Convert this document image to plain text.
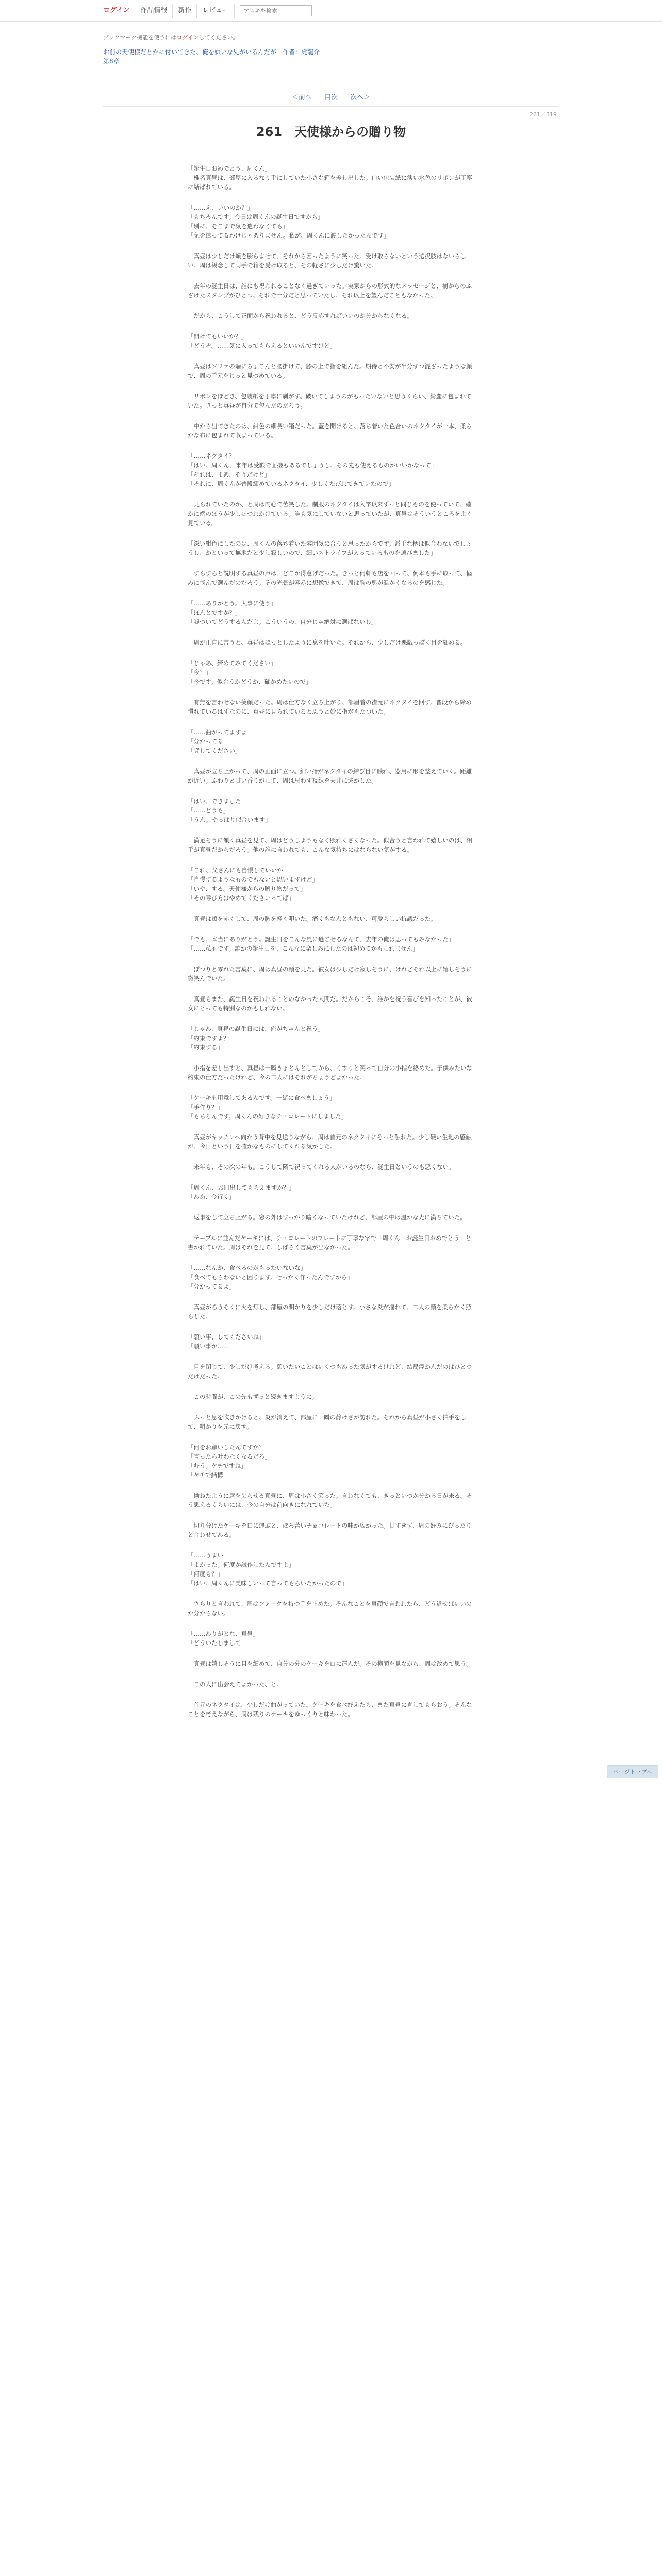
ログイン	作品情報	新作	レビュー
アニキを検索
ブックマーク機能を使うにはログインしてください。
お前の天使様だとかに付いてきた、俺を嫌いな兄がいるんだが　作者：虎龍介
第8章
＜前へ 目次 次へ＞
261／319
261　天使様からの贈り物

「誕生日おめでとう、周くん」
　椎名真昼は、部屋に入るなり手にしていた小さな箱を差し出した。白い包装紙に淡い水色のリボンが丁寧に結ばれている。

「……え、いいのか？」
「もちろんです。今日は周くんの誕生日ですから」
「別に、そこまで気を遣わなくても」
「気を遣ってるわけじゃありません。私が、周くんに渡したかったんです」

　真昼は少しだけ頬を膨らませて、それから困ったように笑った。受け取らないという選択肢はないらしい。周は観念して両手で箱を受け取ると、その軽さに少しだけ驚いた。

　去年の誕生日は、誰にも祝われることなく過ぎていった。実家からの形式的なメッセージと、樹からのふざけたスタンプがひとつ。それで十分だと思っていたし、それ以上を望んだこともなかった。

　だから、こうして正面から祝われると、どう反応すればいいのか分からなくなる。

「開けてもいいか？」
「どうぞ。……気に入ってもらえるといいんですけど」

　真昼はソファの端にちょこんと腰掛けて、膝の上で指を組んだ。期待と不安が半分ずつ混ざったような顔で、周の手元をじっと見つめている。

　リボンをほどき、包装紙を丁寧に剥がす。破いてしまうのがもったいないと思うくらい、綺麗に包まれていた。きっと真昼が自分で包んだのだろう。

　中から出てきたのは、紺色の細長い箱だった。蓋を開けると、落ち着いた色合いのネクタイが一本、柔らかな布に包まれて収まっている。

「……ネクタイ？」
「はい。周くん、来年は受験で面接もあるでしょうし、その先も使えるものがいいかなって」
「それは、まあ、そうだけど」
「それに、周くんが普段締めているネクタイ、少しくたびれてきていたので」

　見られていたのか、と周は内心で苦笑した。制服のネクタイは入学以来ずっと同じものを使っていて、確かに端のほうが少しほつれかけている。誰も気にしていないと思っていたが、真昼はそういうところをよく見ている。

「深い紺色にしたのは、周くんの落ち着いた雰囲気に合うと思ったからです。派手な柄は似合わないでしょうし、かといって無地だと少し寂しいので、細いストライプが入っているものを選びました」

　すらすらと説明する真昼の声は、どこか得意げだった。きっと何軒も店を回って、何本も手に取って、悩みに悩んで選んだのだろう。その光景が容易に想像できて、周は胸の奥が温かくなるのを感じた。

「……ありがとう。大事に使う」
「ほんとですか？」
「嘘ついてどうするんだよ。こういうの、自分じゃ絶対に選ばないし」

　周が正直に言うと、真昼はほっとしたように息を吐いた。それから、少しだけ悪戯っぽく目を細める。

「じゃあ、締めてみてください」
「今？」
「今です。似合うかどうか、確かめたいので」

　有無を言わせない笑顔だった。周は仕方なく立ち上がり、部屋着の襟元にネクタイを回す。普段から締め慣れているはずなのに、真昼に見られていると思うと妙に指がもたついた。

「……曲がってますよ」
「分かってる」
「貸してください」

　真昼が立ち上がって、周の正面に立つ。細い指がネクタイの結び目に触れ、器用に形を整えていく。距離が近い。ふわりと甘い香りがして、周は思わず視線を天井に逃がした。

「はい、できました」
「……どうも」
「うん。やっぱり似合います」

　満足そうに頷く真昼を見て、周はどうしようもなく照れくさくなった。似合うと言われて嬉しいのは、相手が真昼だからだろう。他の誰に言われても、こんな気持ちにはならない気がする。

「これ、父さんにも自慢していいか」
「自慢するようなものでもないと思いますけど」
「いや、する。天使様からの贈り物だって」
「その呼び方はやめてくださいってば」

　真昼は頬を赤くして、周の胸を軽く叩いた。痛くもなんともない、可愛らしい抗議だった。

「でも、本当にありがとう。誕生日をこんな風に過ごせるなんて、去年の俺は思ってもみなかった」
「……私もです。誰かの誕生日を、こんなに楽しみにしたのは初めてかもしれません」

　ぽつりと零れた言葉に、周は真昼の顔を見た。彼女は少しだけ寂しそうに、けれどそれ以上に嬉しそうに微笑んでいた。

　真昼もまた、誕生日を祝われることのなかった人間だ。だからこそ、誰かを祝う喜びを知ったことが、彼女にとっても特別なのかもしれない。

「じゃあ、真昼の誕生日には、俺がちゃんと祝う」
「約束ですよ？」
「約束する」

　小指を差し出すと、真昼は一瞬きょとんとしてから、くすりと笑って自分の小指を絡めた。子供みたいな約束の仕方だったけれど、今の二人にはそれがちょうどよかった。

「ケーキも用意してあるんです。一緒に食べましょう」
「手作り？」
「もちろんです。周くんの好きなチョコレートにしました」

　真昼がキッチンへ向かう背中を見送りながら、周は首元のネクタイにそっと触れた。少し硬い生地の感触が、今日という日を確かなものにしてくれる気がした。

　来年も、その次の年も。こうして隣で祝ってくれる人がいるのなら、誕生日というのも悪くない。

「周くん、お皿出してもらえますか？」
「ああ、今行く」

　返事をして立ち上がる。窓の外はすっかり暗くなっていたけれど、部屋の中は温かな光に満ちていた。

　テーブルに並んだケーキには、チョコレートのプレートに丁寧な字で「周くん　お誕生日おめでとう」と書かれていた。周はそれを見て、しばらく言葉が出なかった。

「……なんか、食べるのがもったいないな」
「食べてもらわないと困ります。せっかく作ったんですから」
「分かってるよ」

　真昼がろうそくに火を灯し、部屋の明かりを少しだけ落とす。小さな炎が揺れて、二人の顔を柔らかく照らした。

「願い事、してくださいね」
「願い事か……」

　目を閉じて、少しだけ考える。願いたいことはいくつもあった気がするけれど、結局浮かんだのはひとつだけだった。

　この時間が、この先もずっと続きますように。

　ふっと息を吹きかけると、炎が消えて、部屋に一瞬の静けさが訪れた。それから真昼が小さく拍手をして、明かりを元に戻す。

「何をお願いしたんですか？」
「言ったら叶わなくなるだろ」
「むう。ケチですね」
「ケチで結構」

　拗ねたように唇を尖らせる真昼に、周は小さく笑った。言わなくても、きっといつか分かる日が来る。そう思えるくらいには、今の自分は前向きになれていた。

　切り分けたケーキを口に運ぶと、ほろ苦いチョコレートの味が広がった。甘すぎず、周の好みにぴったりと合わせてある。

「……うまい」
「よかった。何度か試作したんですよ」
「何度も？」
「はい。周くんに美味しいって言ってもらいたかったので」

　さらりと言われて、周はフォークを持つ手を止めた。そんなことを真顔で言われたら、どう返せばいいのか分からない。

「……ありがとな、真昼」
「どういたしまして」

　真昼は嬉しそうに目を細めて、自分の分のケーキを口に運んだ。その横顔を見ながら、周は改めて思う。

　この人に出会えてよかった、と。

　首元のネクタイは、少しだけ曲がっていた。ケーキを食べ終えたら、また真昼に直してもらおう。そんなことを考えながら、周は残りのケーキをゆっくりと味わった。

ページトップへ
